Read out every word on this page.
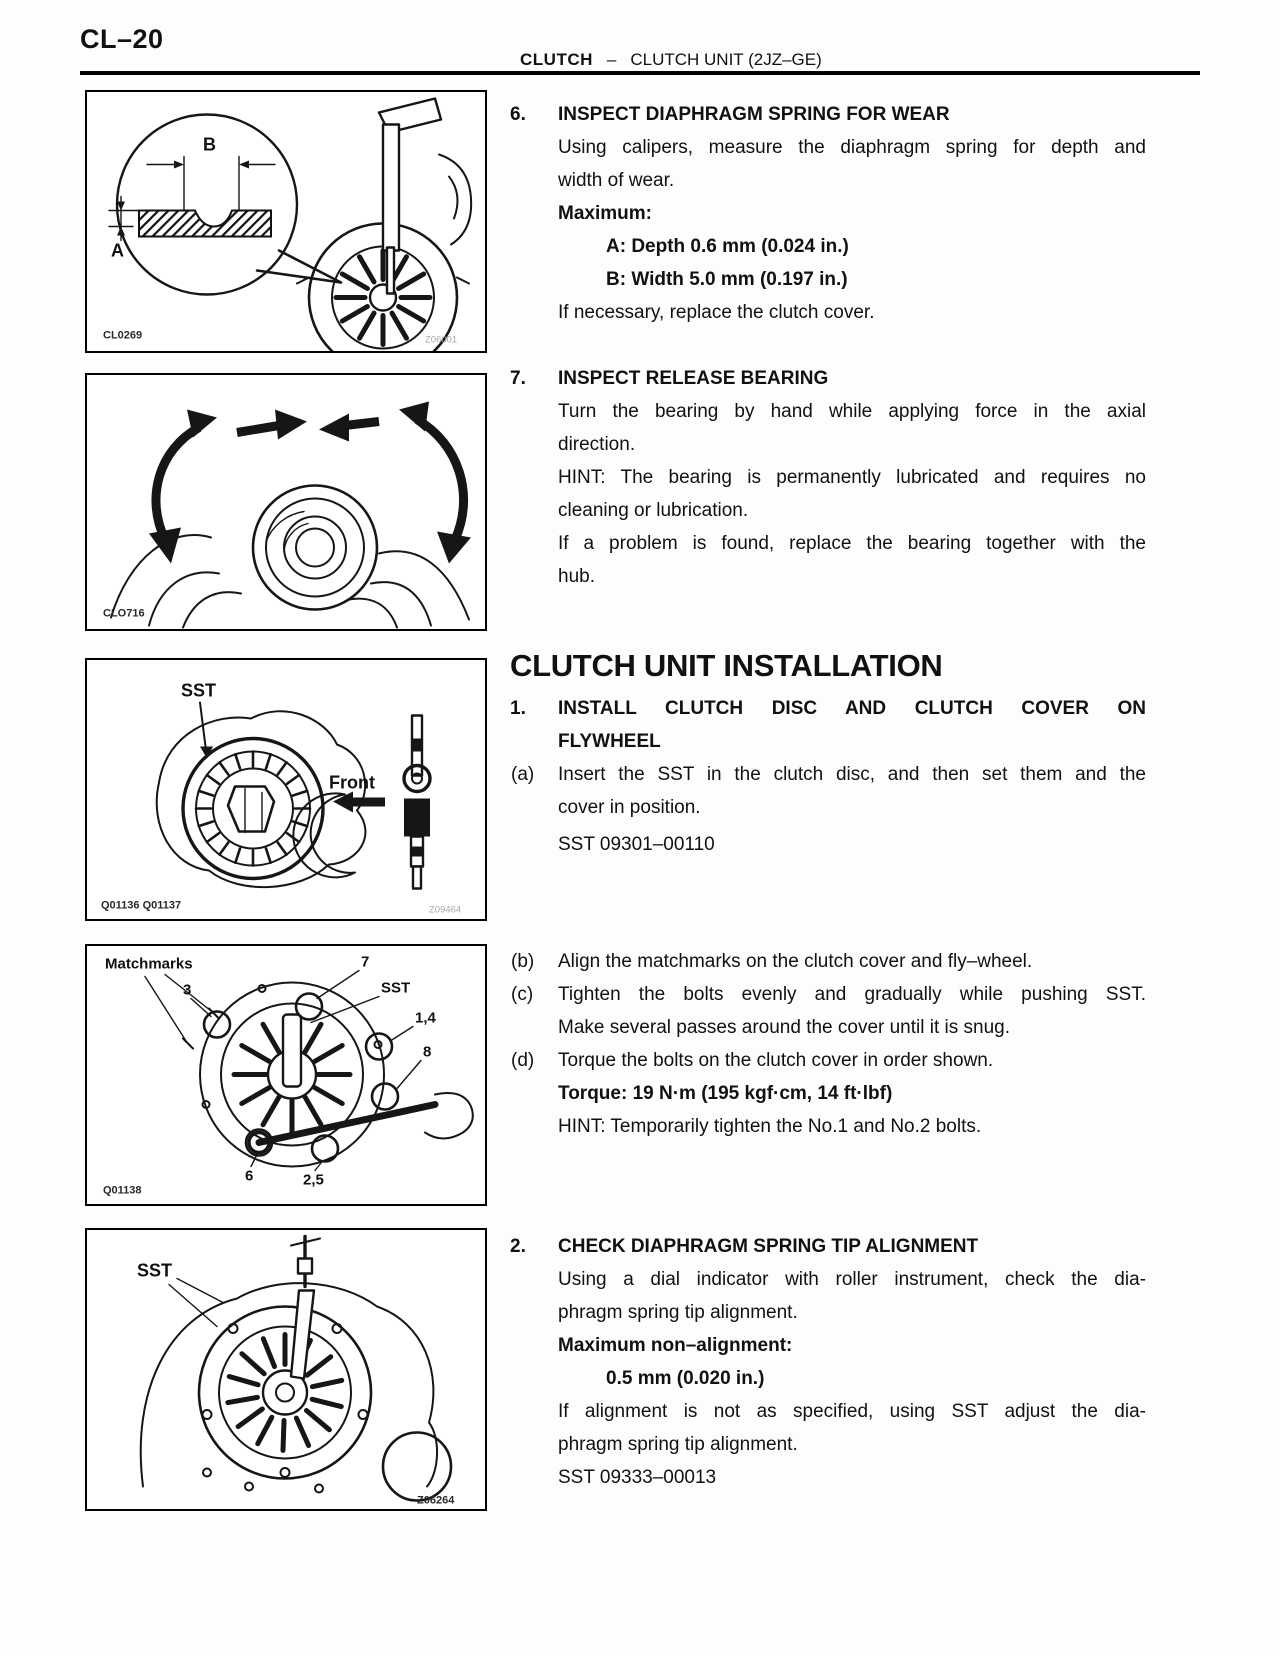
CL–20
CLUTCH – CLUTCH UNIT (2JZ–GE)
B
A
CL0269	Z06001
CLO716
SST
Front
Q01136 Q01137	Z09464
Matchmarks
3
7
SST
1,4
8
6	2,5
Q01138
SST
Z06264
6. INSPECT DIAPHRAGM SPRING FOR WEAR
Using calipers, measure the diaphragm spring for depth and
width of wear.
Maximum:
A: Depth 0.6 mm (0.024 in.)
B: Width 5.0 mm (0.197 in.)
If necessary, replace the clutch cover.
7. INSPECT RELEASE BEARING
Turn the bearing by hand while applying force in the axial
direction.
HINT: The bearing is permanently lubricated and requires no
cleaning or lubrication.
If a problem is found, replace the bearing together with the
hub.
CLUTCH UNIT INSTALLATION
1. INSTALL CLUTCH DISC AND CLUTCH COVER ON
FLYWHEEL
(a) Insert the SST in the clutch disc, and then set them and the
cover in position.
SST 09301–00110
(b) Align the matchmarks on the clutch cover and fly–wheel.
(c) Tighten the bolts evenly and gradually while pushing SST.
Make several passes around the cover until it is snug.
(d) Torque the bolts on the clutch cover in order shown.
Torque: 19 N·m (195 kgf·cm, 14 ft·lbf)
HINT: Temporarily tighten the No.1 and No.2 bolts.
2. CHECK DIAPHRAGM SPRING TIP ALIGNMENT
Using a dial indicator with roller instrument, check the dia-
phragm spring tip alignment.
Maximum non–alignment:
0.5 mm (0.020 in.)
If alignment is not as specified, using SST adjust the dia-
phragm spring tip alignment.
SST 09333–00013
